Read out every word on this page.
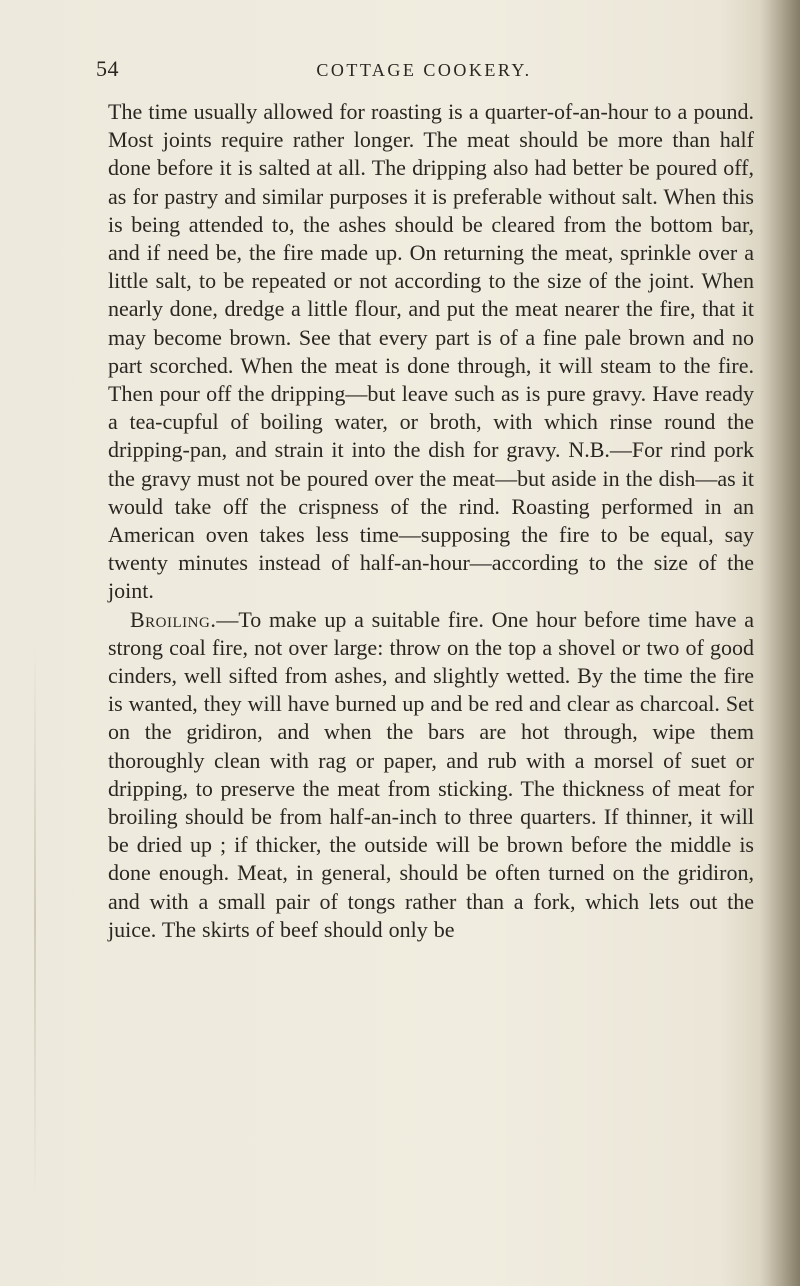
54	COTTAGE COOKERY.

The time usually allowed for roasting is a quarter-of-an-hour to a pound. Most joints require rather longer. The meat should be more than half done before it is salted at all. The dripping also had better be poured off, as for pastry and similar purposes it is preferable without salt. When this is being attended to, the ashes should be cleared from the bottom bar, and if need be, the fire made up. On returning the meat, sprinkle over a little salt, to be repeated or not according to the size of the joint. When nearly done, dredge a little flour, and put the meat nearer the fire, that it may become brown. See that every part is of a fine pale brown and no part scorched. When the meat is done through, it will steam to the fire. Then pour off the dripping—but leave such as is pure gravy. Have ready a tea-cupful of boiling water, or broth, with which rinse round the dripping-pan, and strain it into the dish for gravy. N.B.—For rind pork the gravy must not be poured over the meat—but aside in the dish—as it would take off the crispness of the rind. Roasting performed in an American oven takes less time—supposing the fire to be equal, say twenty minutes instead of half-an-hour—according to the size of the joint.

Broiling.—To make up a suitable fire. One hour before time have a strong coal fire, not over large: throw on the top a shovel or two of good cinders, well sifted from ashes, and slightly wetted. By the time the fire is wanted, they will have burned up and be red and clear as charcoal. Set on the gridiron, and when the bars are hot through, wipe them thoroughly clean with rag or paper, and rub with a morsel of suet or dripping, to preserve the meat from sticking. The thickness of meat for broiling should be from half-an-inch to three quarters. If thinner, it will be dried up ; if thicker, the outside will be brown before the middle is done enough. Meat, in general, should be often turned on the gridiron, and with a small pair of tongs rather than a fork, which lets out the juice. The skirts of beef should only be
